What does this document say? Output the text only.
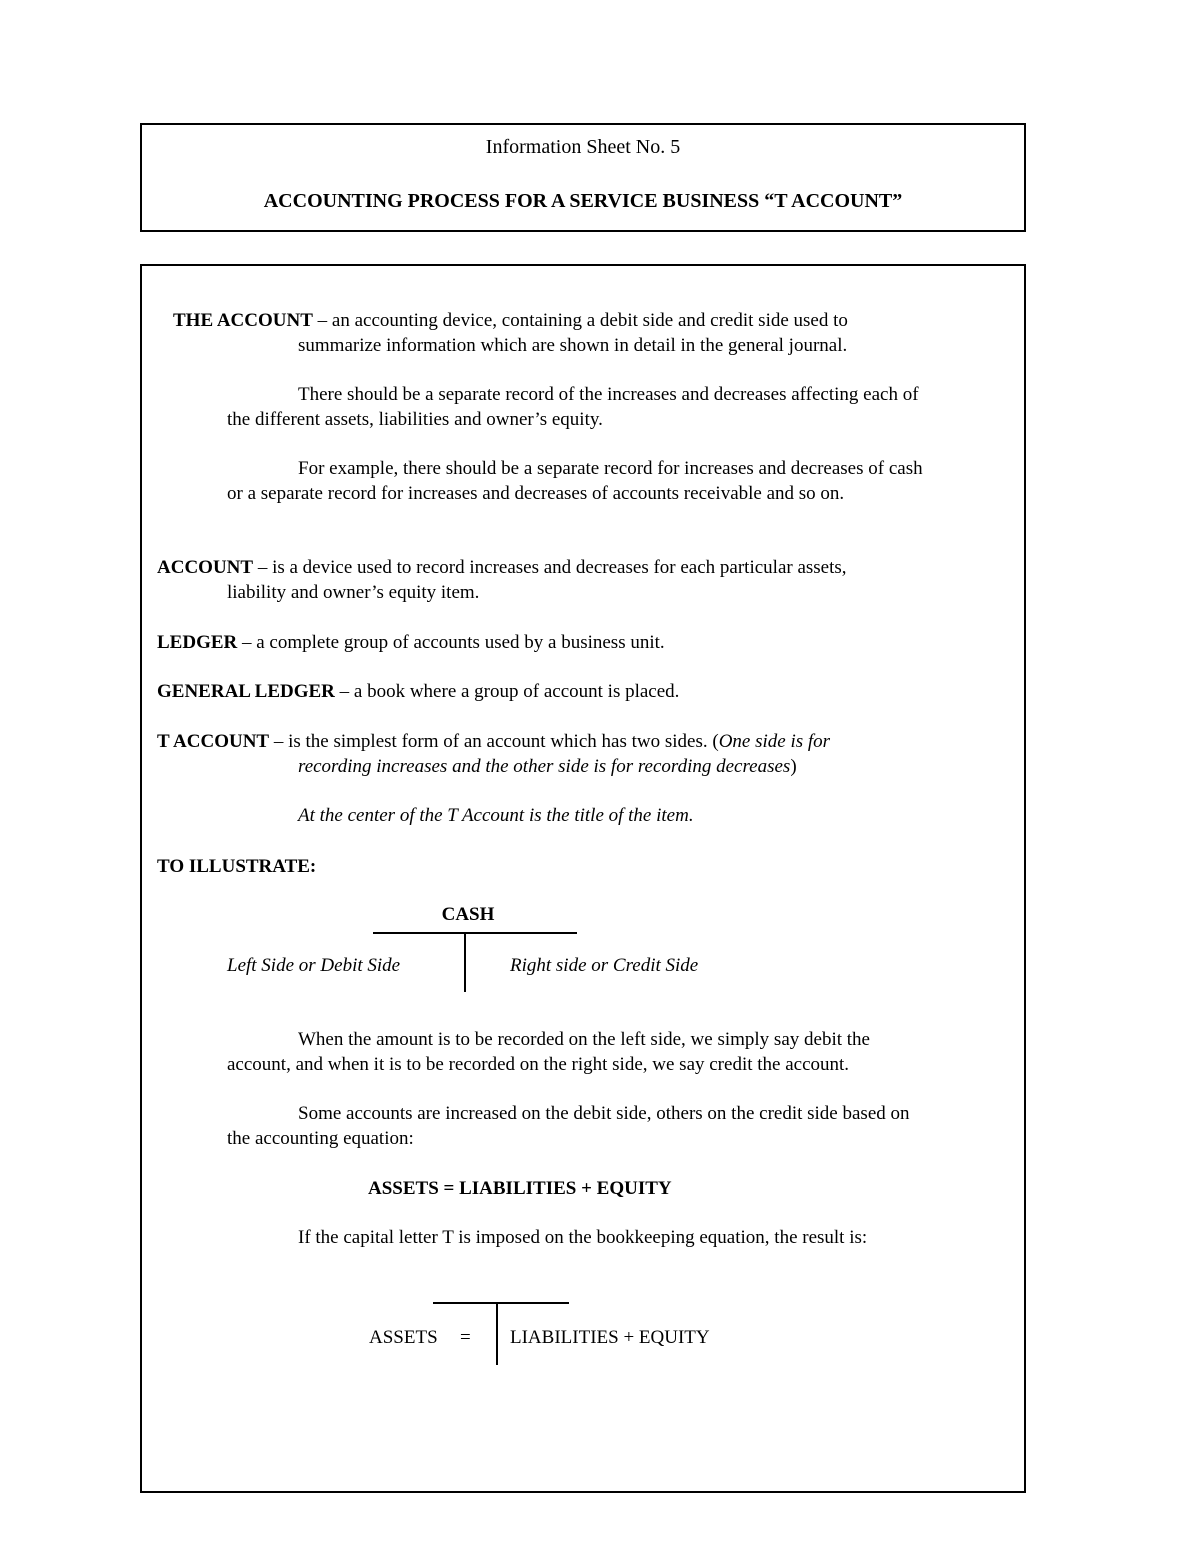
Information Sheet No. 5
ACCOUNTING PROCESS FOR A SERVICE BUSINESS “T ACCOUNT”
THE ACCOUNT – an accounting device, containing a debit side and credit side used to
summarize information which are shown in detail in the general journal.
There should be a separate record of the increases and decreases affecting each of
the different assets, liabilities and owner’s equity.
For example, there should be a separate record for increases and decreases of cash
or a separate record for increases and decreases of accounts receivable and so on.
ACCOUNT – is a device used to record increases and decreases for each particular assets,
liability and owner’s equity item.
LEDGER – a complete group of accounts used by a business unit.
GENERAL LEDGER – a book where a group of account is placed.
T ACCOUNT – is the simplest form of an account which has two sides. (One side is for
recording increases and the other side is for recording decreases)
At the center of the T Account is the title of the item.
TO ILLUSTRATE:
CASH
Left Side or Debit Side	Right side or Credit Side
When the amount is to be recorded on the left side, we simply say debit the
account, and when it is to be recorded on the right side, we say credit the account.
Some accounts are increased on the debit side, others on the credit side based on
the accounting equation:
ASSETS = LIABILITIES + EQUITY
If the capital letter T is imposed on the bookkeeping equation, the result is:
ASSETS = LIABILITIES + EQUITY
